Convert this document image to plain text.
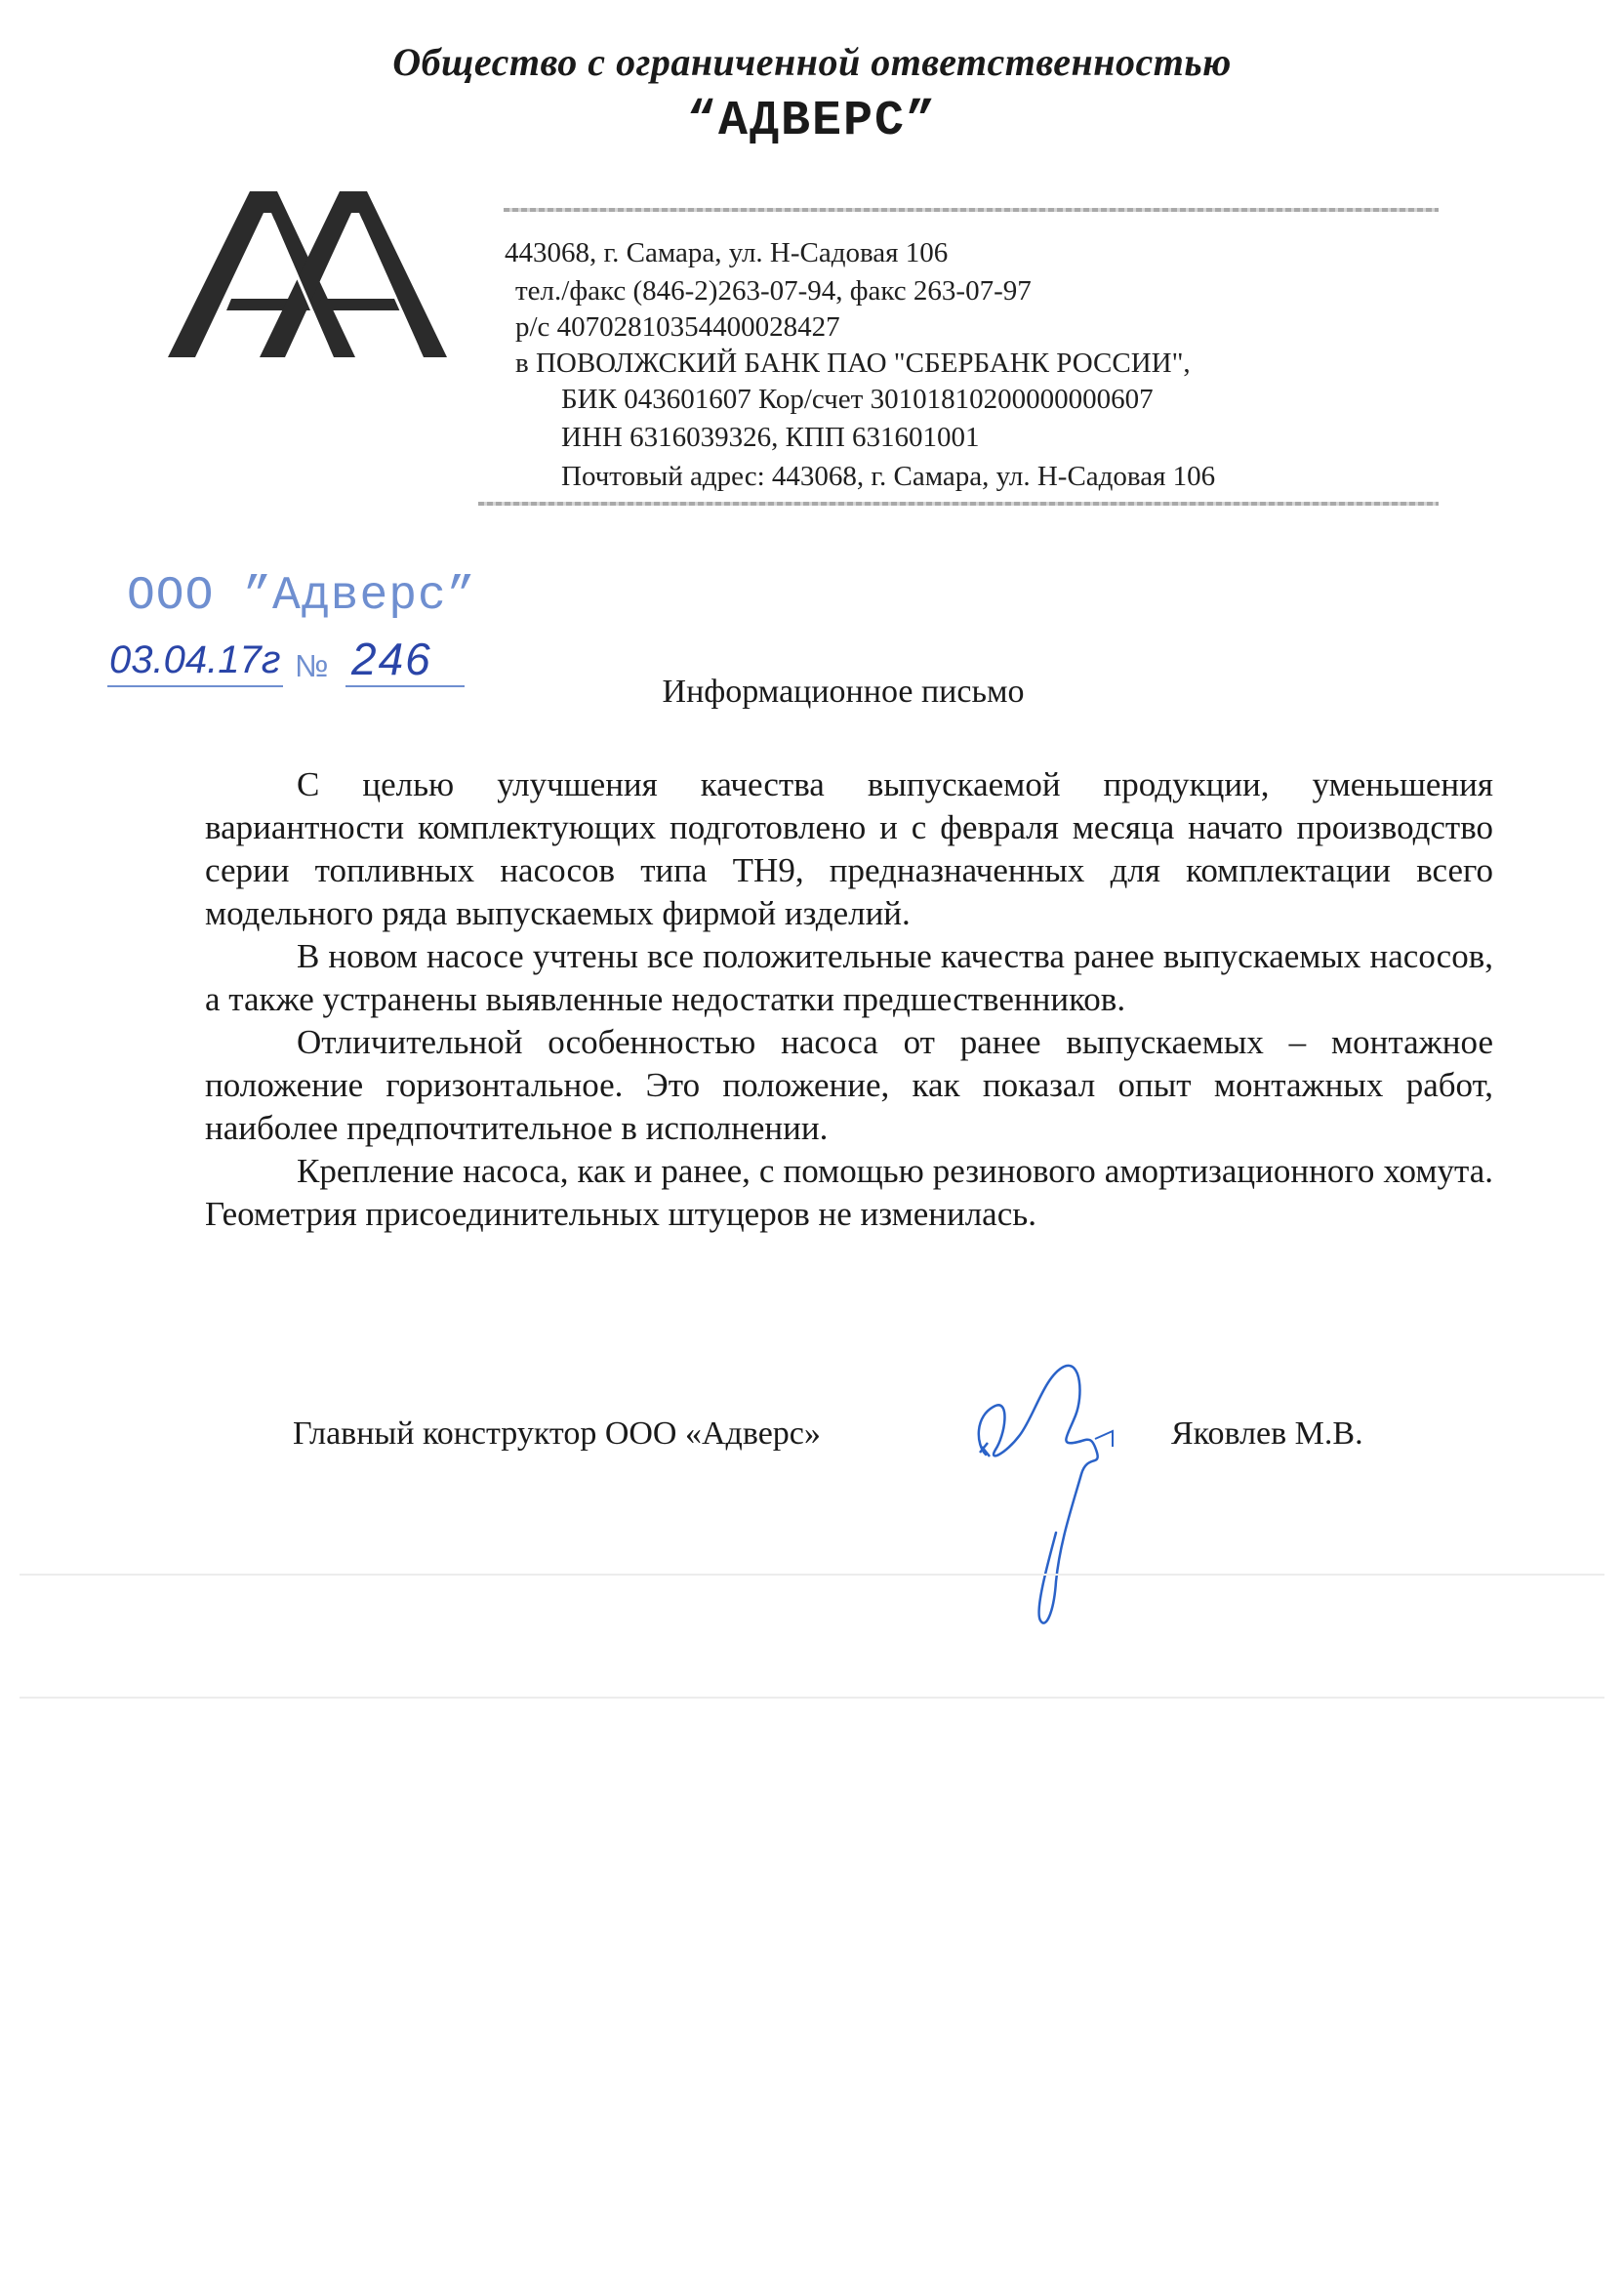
Общество с ограниченной ответственностью
“АДВЕРС”
АА
443068, г. Самара, ул. Н-Садовая 106
тел./факс (846-2)263-07-94, факс 263-07-97
р/с 40702810354400028427
в ПОВОЛЖСКИЙ БАНК ПАО "СБЕРБАНК РОССИИ",
БИК 043601607 Кор/счет 30101810200000000607
ИНН 6316039326, КПП 631601001
Почтовый адрес: 443068, г. Самара, ул. Н-Садовая 106
ООО ”Адверс”
03.04.17г № 246
Информационное письмо

С целью улучшения качества выпускаемой продукции, уменьшения вариантности комплектующих подготовлено и с февраля месяца начато производство серии топливных насосов типа ТН9, предназначенных для комплектации всего модельного ряда выпускаемых фирмой изделий.

В новом насосе учтены все положительные качества ранее выпускаемых насосов, а также устранены выявленные недостатки предшественников.

Отличительной особенностью насоса от ранее выпускаемых – монтажное положение горизонтальное. Это положение, как показал опыт монтажных работ, наиболее предпочтительное в исполнении.

Крепление насоса, как и ранее, с помощью резинового амортизационного хомута. Геометрия присоединительных штуцеров не изменилась.

Главный конструктор ООО «Адверс»	Яковлев М.В.
